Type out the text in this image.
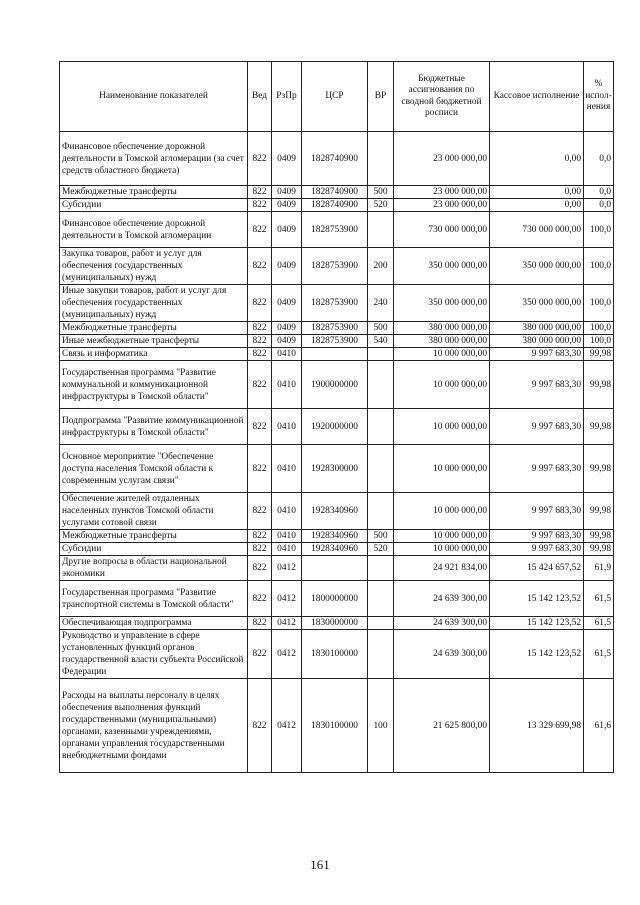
Наименование показателей	Вед	РзПр	ЦСР	ВР	Бюджетные ассигнования по сводной бюджетной росписи	Кассовое исполнение	% испол-нения
Финансовое обеспечение дорожной деятельности в Томской агломерации (за счет средств областного бюджета)	822	0409	1828740900		23 000 000,00	0,00	0,0
Межбюджетные трансферты	822	0409	1828740900	500	23 000 000,00	0,00	0,0
Субсидии	822	0409	1828740900	520	23 000 000,00	0,00	0,0
Финансовое обеспечение дорожной деятельности в Томской агломерации	822	0409	1828753900		730 000 000,00	730 000 000,00	100,0
Закупка товаров, работ и услуг для обеспечения государственных (муниципальных) нужд	822	0409	1828753900	200	350 000 000,00	350 000 000,00	100,0
Иные закупки товаров, работ и услуг для обеспечения государственных (муниципальных) нужд	822	0409	1828753900	240	350 000 000,00	350 000 000,00	100,0
Межбюджетные трансферты	822	0409	1828753900	500	380 000 000,00	380 000 000,00	100,0
Иные межбюджетные трансферты	822	0409	1828753900	540	380 000 000,00	380 000 000,00	100,0
Связь и информатика	822	0410			10 000 000,00	9 997 683,30	99,98
Государственная программа "Развитие коммунальной и коммуникационной инфраструктуры в Томской области"	822	0410	1900000000		10 000 000,00	9 997 683,30	99,98
Подпрограмма "Развитие коммуникационной инфраструктуры в Томской области"	822	0410	1920000000		10 000 000,00	9 997 683,30	99,98
Основное мероприятие "Обеспечение доступа населения Томской области к современным услугам связи"	822	0410	1928300000		10 000 000,00	9 997 683,30	99,98
Обеспечение жителей отдаленных населенных пунктов Томской области услугами сотовой связи	822	0410	1928340960		10 000 000,00	9 997 683,30	99,98
Межбюджетные трансферты	822	0410	1928340960	500	10 000 000,00	9 997 683,30	99,98
Субсидии	822	0410	1928340960	520	10 000 000,00	9 997 683,30	99,98
Другие вопросы в области национальной экономики	822	0412			24 921 834,00	15 424 657,52	61,9
Государственная программа "Развитие транспортной системы в Томской области"	822	0412	1800000000		24 639 300,00	15 142 123,52	61,5
Обеспечивающая подпрограмма	822	0412	1830000000		24 639 300,00	15 142 123,52	61,5
Руководство и управление в сфере установленных функций органов государственной власти субъекта Российской Федерации	822	0412	1830100000		24 639 300,00	15 142 123,52	61,5
Расходы на выплаты персоналу в целях обеспечения выполнения функций государственными (муниципальными) органами, казенными учреждениями, органами управления государственными внебюджетными фондами	822	0412	1830100000	100	21 625 800,00	13 329 699,98	61,6
161
